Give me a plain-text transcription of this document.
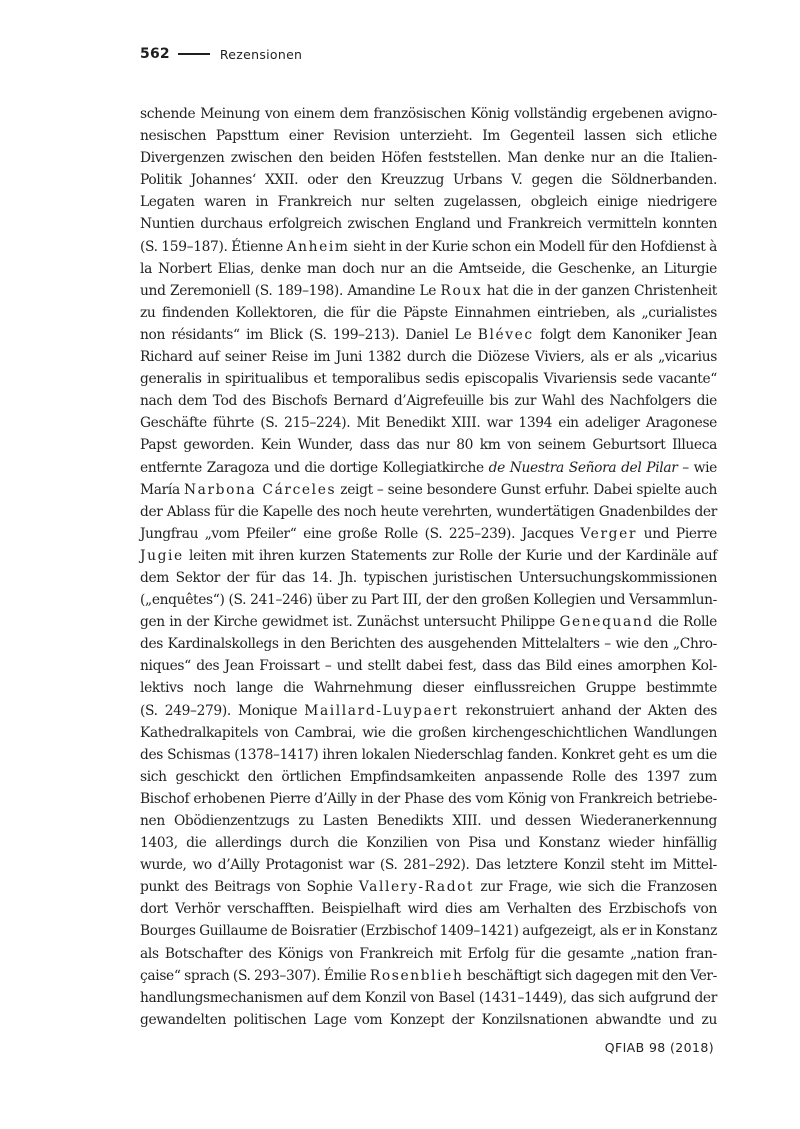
562	Rezensionen
schende Meinung von einem dem französischen König vollständig ergebenen avigno-
nesischen Papsttum einer Revision unterzieht. Im Gegenteil lassen sich etliche
Divergenzen zwischen den beiden Höfen feststellen. Man denke nur an die Italien-
Politik Johannes‘ XXII. oder den Kreuzzug Urbans V. gegen die Söldnerbanden.
Legaten waren in Frankreich nur selten zugelassen, obgleich einige niedrigere
Nuntien durchaus erfolgreich zwischen England und Frankreich vermitteln konnten
(S. 159–187). Étienne Anheim sieht in der Kurie schon ein Modell für den Hofdienst à
la Norbert Elias, denke man doch nur an die Amtseide, die Geschenke, an Liturgie
und Zeremoniell (S. 189–198). Amandine Le Roux hat die in der ganzen Christenheit
zu findenden Kollektoren, die für die Päpste Einnahmen eintrieben, als „curialistes
non résidants“ im Blick (S. 199–213). Daniel Le Blévec folgt dem Kanoniker Jean
Richard auf seiner Reise im Juni 1382 durch die Diözese Viviers, als er als „vicarius
generalis in spiritualibus et temporalibus sedis episcopalis Vivariensis sede vacante“
nach dem Tod des Bischofs Bernard d’Aigrefeuille bis zur Wahl des Nachfolgers die
Geschäfte führte (S. 215–224). Mit Benedikt XIII. war 1394 ein adeliger Aragonese
Papst geworden. Kein Wunder, dass das nur 80 km von seinem Geburtsort Illueca
entfernte Zaragoza und die dortige Kollegiatkirche de Nuestra Señora del Pilar – wie
María Narbona Cárceles zeigt – seine besondere Gunst erfuhr. Dabei spielte auch
der Ablass für die Kapelle des noch heute verehrten, wundertätigen Gnadenbildes der
Jungfrau „vom Pfeiler“ eine große Rolle (S. 225–239). Jacques Verger und Pierre
Jugie leiten mit ihren kurzen Statements zur Rolle der Kurie und der Kardinäle auf
dem Sektor der für das 14. Jh. typischen juristischen Untersuchungskommissionen
(„enquêtes“) (S. 241–246) über zu Part III, der den großen Kollegien und Versammlun-
gen in der Kirche gewidmet ist. Zunächst untersucht Philippe Genequand die Rolle
des Kardinalskollegs in den Berichten des ausgehenden Mittelalters – wie den „Chro-
niques“ des Jean Froissart – und stellt dabei fest, dass das Bild eines amorphen Kol-
lektivs noch lange die Wahrnehmung dieser einflussreichen Gruppe bestimmte
(S. 249–279). Monique Maillard-Luypaert rekonstruiert anhand der Akten des
Kathedralkapitels von Cambrai, wie die großen kirchengeschichtlichen Wandlungen
des Schismas (1378–1417) ihren lokalen Niederschlag fanden. Konkret geht es um die
sich geschickt den örtlichen Empfindsamkeiten anpassende Rolle des 1397 zum
Bischof erhobenen Pierre d’Ailly in der Phase des vom König von Frankreich betriebe-
nen Obödienzentzugs zu Lasten Benedikts XIII. und dessen Wiederanerkennung
1403, die allerdings durch die Konzilien von Pisa und Konstanz wieder hinfällig
wurde, wo d’Ailly Protagonist war (S. 281–292). Das letztere Konzil steht im Mittel-
punkt des Beitrags von Sophie Vallery-Radot zur Frage, wie sich die Franzosen
dort Verhör verschafften. Beispielhaft wird dies am Verhalten des Erzbischofs von
Bourges Guillaume de Boisratier (Erzbischof 1409–1421) aufgezeigt, als er in Konstanz
als Botschafter des Königs von Frankreich mit Erfolg für die gesamte „nation fran-
çaise“ sprach (S. 293–307). Émilie Rosenblieh beschäftigt sich dagegen mit den Ver-
handlungsmechanismen auf dem Konzil von Basel (1431–1449), das sich aufgrund der
gewandelten politischen Lage vom Konzept der Konzilsnationen abwandte und zu
QFIAB 98 (2018)
